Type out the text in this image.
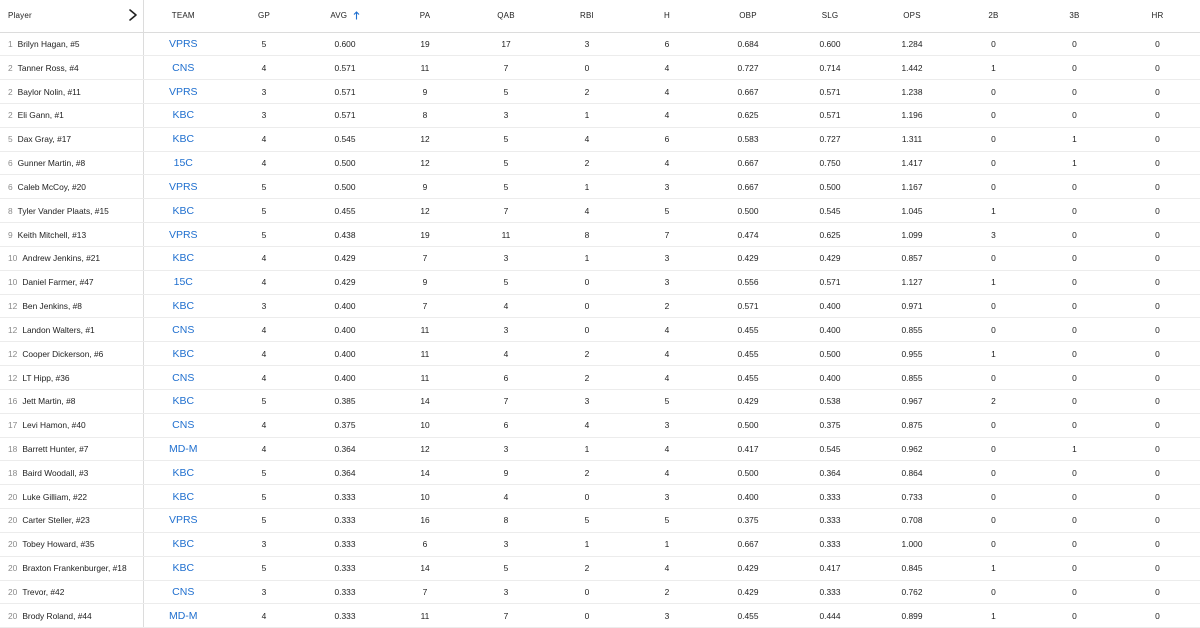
Player	TEAM	GP	AVG	PA	QAB	RBI	H	OBP	SLG	OPS	2B	3B	HR
1 Brilyn Hagan, #5	VPRS	5	0.600	19	17	3	6	0.684	0.600	1.284	0	0	0
2 Tanner Ross, #4	CNS	4	0.571	11	7	0	4	0.727	0.714	1.442	1	0	0
2 Baylor Nolin, #11	VPRS	3	0.571	9	5	2	4	0.667	0.571	1.238	0	0	0
2 Eli Gann, #1	KBC	3	0.571	8	3	1	4	0.625	0.571	1.196	0	0	0
5 Dax Gray, #17	KBC	4	0.545	12	5	4	6	0.583	0.727	1.311	0	1	0
6 Gunner Martin, #8	15C	4	0.500	12	5	2	4	0.667	0.750	1.417	0	1	0
6 Caleb McCoy, #20	VPRS	5	0.500	9	5	1	3	0.667	0.500	1.167	0	0	0
8 Tyler Vander Plaats, #15	KBC	5	0.455	12	7	4	5	0.500	0.545	1.045	1	0	0
9 Keith Mitchell, #13	VPRS	5	0.438	19	11	8	7	0.474	0.625	1.099	3	0	0
10 Andrew Jenkins, #21	KBC	4	0.429	7	3	1	3	0.429	0.429	0.857	0	0	0
10 Daniel Farmer, #47	15C	4	0.429	9	5	0	3	0.556	0.571	1.127	1	0	0
12 Ben Jenkins, #8	KBC	3	0.400	7	4	0	2	0.571	0.400	0.971	0	0	0
12 Landon Walters, #1	CNS	4	0.400	11	3	0	4	0.455	0.400	0.855	0	0	0
12 Cooper Dickerson, #6	KBC	4	0.400	11	4	2	4	0.455	0.500	0.955	1	0	0
12 LT Hipp, #36	CNS	4	0.400	11	6	2	4	0.455	0.400	0.855	0	0	0
16 Jett Martin, #8	KBC	5	0.385	14	7	3	5	0.429	0.538	0.967	2	0	0
17 Levi Hamon, #40	CNS	4	0.375	10	6	4	3	0.500	0.375	0.875	0	0	0
18 Barrett Hunter, #7	MD-M	4	0.364	12	3	1	4	0.417	0.545	0.962	0	1	0
18 Baird Woodall, #3	KBC	5	0.364	14	9	2	4	0.500	0.364	0.864	0	0	0
20 Luke Gilliam, #22	KBC	5	0.333	10	4	0	3	0.400	0.333	0.733	0	0	0
20 Carter Steller, #23	VPRS	5	0.333	16	8	5	5	0.375	0.333	0.708	0	0	0
20 Tobey Howard, #35	KBC	3	0.333	6	3	1	1	0.667	0.333	1.000	0	0	0
20 Braxton Frankenburger, #18	KBC	5	0.333	14	5	2	4	0.429	0.417	0.845	1	0	0
20 Trevor, #42	CNS	3	0.333	7	3	0	2	0.429	0.333	0.762	0	0	0
20 Brody Roland, #44	MD-M	4	0.333	11	7	0	3	0.455	0.444	0.899	1	0	0
